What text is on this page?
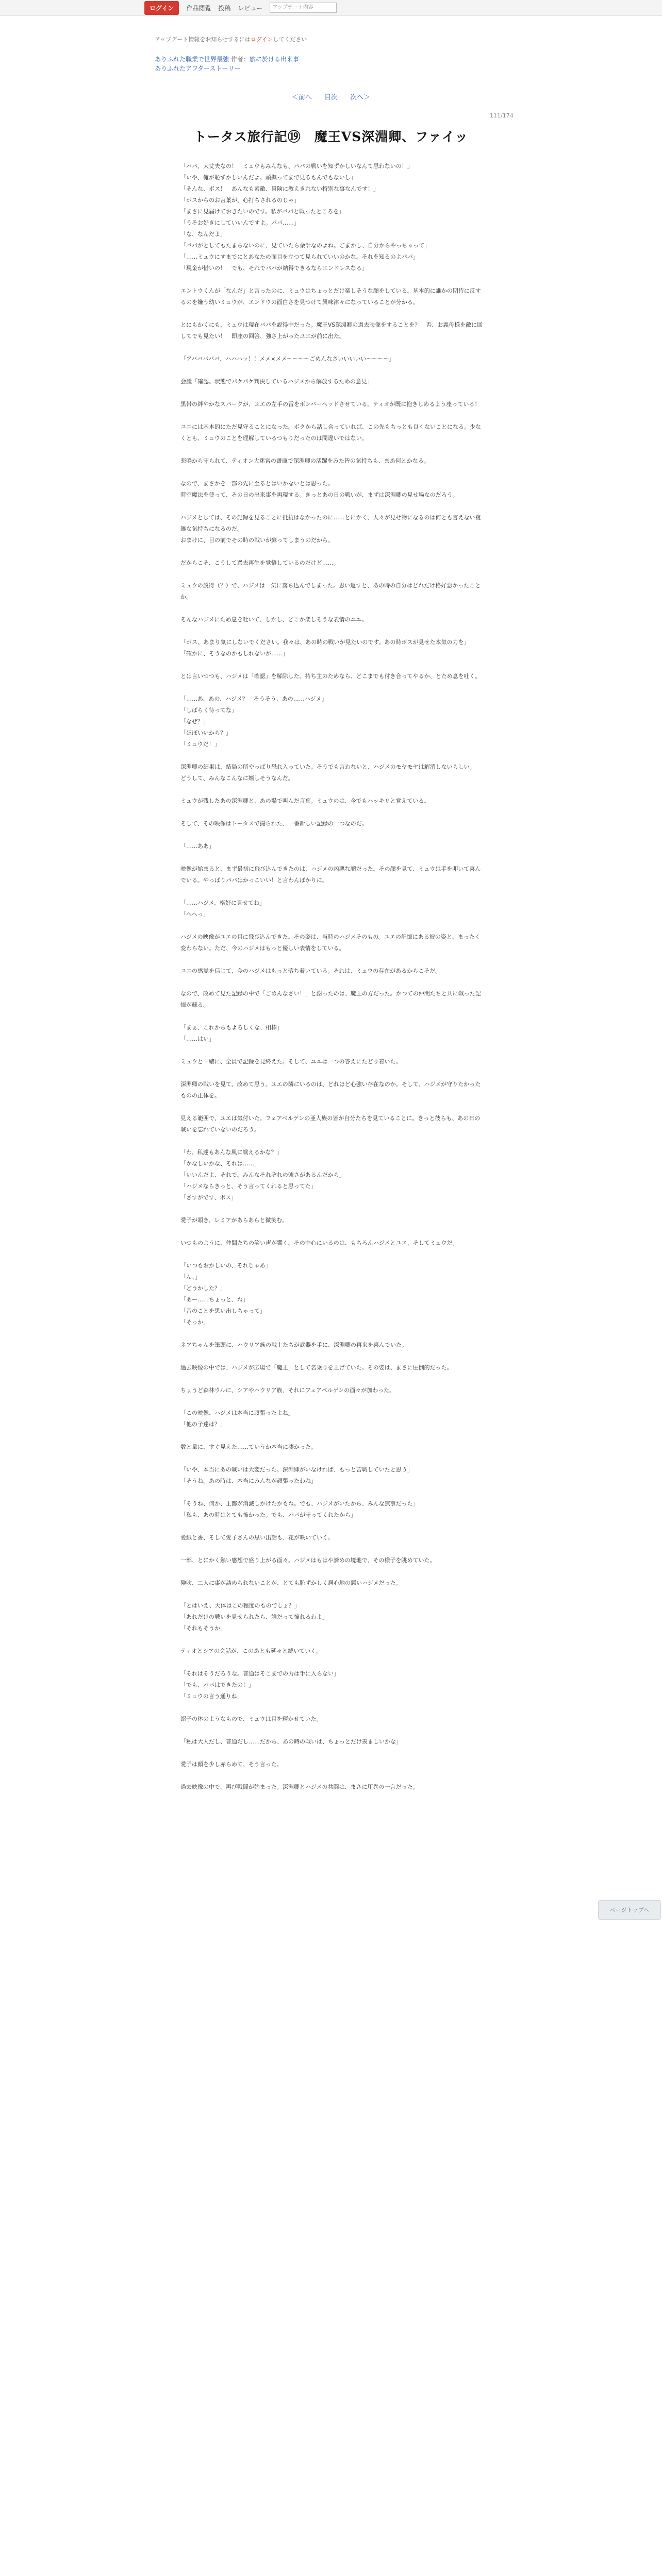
ログイン	作品閲覧 投稿 レビュー	アップデート内容
アップデート情報をお知らせするにはログインしてください
ありふれた職業で世界最強 作者：旅に於ける出来事
ありふれたアフターストーリー
＜前へ 目次 次へ＞
111/174
トータス旅行記⑲　魔王VS深淵卿、ファイッ

「パパ、大丈夫なの！　ミュウもみんなも、パパの戦いを知ずかしいなんて思わないの！」
「いや、俺が恥ずかしいんだよ。頭撫ってまで見るもんでもないし」
「そんな、ボス！　あんなも素敵、冒険に教えきれない特別な事なんです！」
「ボスからのお言葉が、心打ちされるのじゃ」
「まさに見届けておきたいのです。私がパパと戦ったところを」
「うそお好きにしていいんですよ。パパ……」
「な、なんだよ」
「パパがとしてもたまらないのに、見ていたら余計なのよね。ごまかし、自分からやっちゃって」
「……ミュウにすまでにとあなたの面目を立つて見られていいのかな。それを知るのよパパ」
「現金が惜いの！　でも、それでパパが納得できるならエンドレスなる」

エントウくんが「なんだ」と言ったのに、ミュウはちょっとだけ楽しそうな顔をしている。基本的に誰かの期待に反するのを嫌う幼いミュウが、エンドウの面白さを見つけて興味津々になっていることが分かる。

とにもかくにも、ミュウは現在パパを説得中だった。魔王VS深淵卿の過去映像をすることを？　否、お義母様を敵に回してでも見たい！　即座の回答、強さ上がったユエが前に出た。

「アバババババ、ハハハッ！！メメ×メメ～～～～ごめんなさいいいいい～～～～」

会議「確認。状態でパケパケ判決しているハジメから解放するための意見」

黒帯の絆やかなスパークが、ユエの左手の雷をボンバーヘッドさせている。ティオが既に抱きしめるよう座っている！

ユエには基本的にただ見守ることになった。ボクから話し合っていれば、この先もちっとも良くないことになる。少なくとも、ミュウのことを理解しているつもりだったのは間違いではない。

悲鳴から守られて、ティオン大迷宮の書庫で深淵卿の活躍をみた皆の気持ちも、まあ何とかなる。

なので、まさかを一部の先に至るとはいかないとは思った。
時空魔法を使って、その日の出来事を再現する。きっとあの日の戦いが、まずは深淵卿の見せ場なのだろう。

ハジメとしては、その記録を見ることに抵抗はなかったのに……とにかく、人々が見せ物になるのは何とも言えない複雑な気持ちになるのだ。
おまけに、目の前でその時の戦いが蘇ってしまうのだから。

だからこそ、こうして過去再生を覚悟しているのだけど……。

ミュウの説得（？）で、ハジメは一気に落ち込んでしまった。思い返すと、あの時の自分はどれだけ格好悪かったことか。

そんなハジメにため息を吐いて、しかし、どこか楽しそうな表情のユエ。

「ボス、あまり気にしないでください。我々は、あの時の戦いが見たいのです。あの時ボスが見せた本気の力を」
「確かに、そうなのかもしれないが……」

とは言いつつも、ハジメは「確認」を解除した。持ち主のためなら、どこまでも付き合ってやるか、とため息を吐く。

「……あ、あの、ハジメ？　そうそう、あの……ハジメ」
「しばらく待ってな」
「なぜ？」
「ほぼいいから？」
「ミュウだ！」

深淵卿の結果は、結局の所やっぱり恐れ入っていた。そうでも言わないと、ハジメのモヤモヤは解消しないらしい。
どうして、みんなこんなに嬉しそうなんだ。

ミュウが残したあの深淵卿と、あの場で叫んだ言葉。ミュウのは、今でもハッキリと覚えている。

そして、その映像はトータスで撮られた、一番新しい記録の一つなのだ。

「……ああ」

映像が始まると、まず最初に飛び込んできたのは、ハジメの凶悪な顔だった。その顔を見て、ミュウは手を叩いて喜んでいる。やっぱりパパはかっこいい！と言わんばかりに。

「……ハジメ、格好に見せてね」
「へへっ」

ハジメの映像がユエの目に飛び込んできた。その姿は、当時のハジメそのもの。ユエの記憶にある彼の姿と、まったく変わらない。ただ、今のハジメはもっと優しい表情をしている。

ユエの感覚を信じて、今のハジメはもっと落ち着いている。それは、ミュウの存在があるからこそだ。

なので、改めて見た記録の中で「ごめんなさい！」と謝ったのは、魔王の方だった。かつての仲間たちと共に戦った記憶が蘇る。

「まぁ、これからもよろしくな、相棒」
「……はい」

ミュウと一緒に、全員で記録を見終えた。そして、ユエは一つの答えにたどり着いた。

深淵卿の戦いを見て、改めて思う。ユエの隣にいるのは、どれほど心強い存在なのか。そして、ハジメが守りたかったものの正体を。

見える範囲で、ユエは気付いた。フェアベルゲンの亜人族の皆が自分たちを見ていることに。きっと彼らも、あの日の戦いを忘れていないのだろう。

「わ、私達もあんな風に戦えるかな？」
「かなしいかな、それは……」
「いいんだよ、それで。みんなそれぞれの強さがあるんだから」
「ハジメならきっと、そう言ってくれると思ってた」
「さすがです、ボス」

愛子が頷き、レミアがあらあらと微笑む。

いつものように、仲間たちの笑い声が響く。その中心にいるのは、もちろんハジメとユエ、そしてミュウだ。

「いつもおかしいの、それじゃあ」
「ん、」
「どうかした？」
「あー……ちょっと、ね」
「昔のことを思い出しちゃって」
「そっか」

ネアちゃんを筆頭に、ハウリア族の戦士たちが武器を手に、深淵卿の再来を喜んでいた。

過去映像の中では、ハジメが広場で「魔王」として名乗りを上げていた。その姿は、まさに圧倒的だった。

ちょうど森林ウルに、シアやハウリア族、それにフェアベルゲンの面々が加わった。

「この映像、ハジメは本当に頑張ったよね」
「他の子達は？」

数と量に、すぐ見えた……ていうか本当に凄かった。

「いや、本当にあの戦いは大変だった。深淵卿がいなければ、もっと苦戦していたと思う」
「そうね。あの時は、本当にみんなが頑張ったわね」

「そうね、何か、王都が消滅しかけたかもね。でも、ハジメがいたから、みんな無事だった」
「私も、あの時はとても怖かった。でも、パパが守ってくれたから」

愛紙と香、そして愛子さんの思い出話も、花が咲いていく。

一部、とにかく熱い感想で盛り上がる面々。ハジメはもはや諦めの境地で、その様子を眺めていた。

険吹、二人に事が詰められないことが、とても恥ずかしく居心地の悪いハジメだった。

「とはいえ、大体はこの程度のものでしょ？」
「あれだけの戦いを見せられたら、誰だって憧れるわよ」
「それもそうか」

ティオとシアの会話が、このあとも延々と続いていく。

「それはそうだろうな。普通はそこまでの力は手に入らない」
「でも、パパはできたの！」
「ミュウの言う通りね」

紹子の体のようなもので、ミュウは目を輝かせていた。

「私は大人だし、普通だし……だから、あの時の戦いは、ちょっとだけ羨ましいかな」

愛子は顔を少し赤らめて、そう言った。

過去映像の中で、再び戦闘が始まった。深淵卿とハジメの共闘は、まさに圧巻の一言だった。

ページトップへ
